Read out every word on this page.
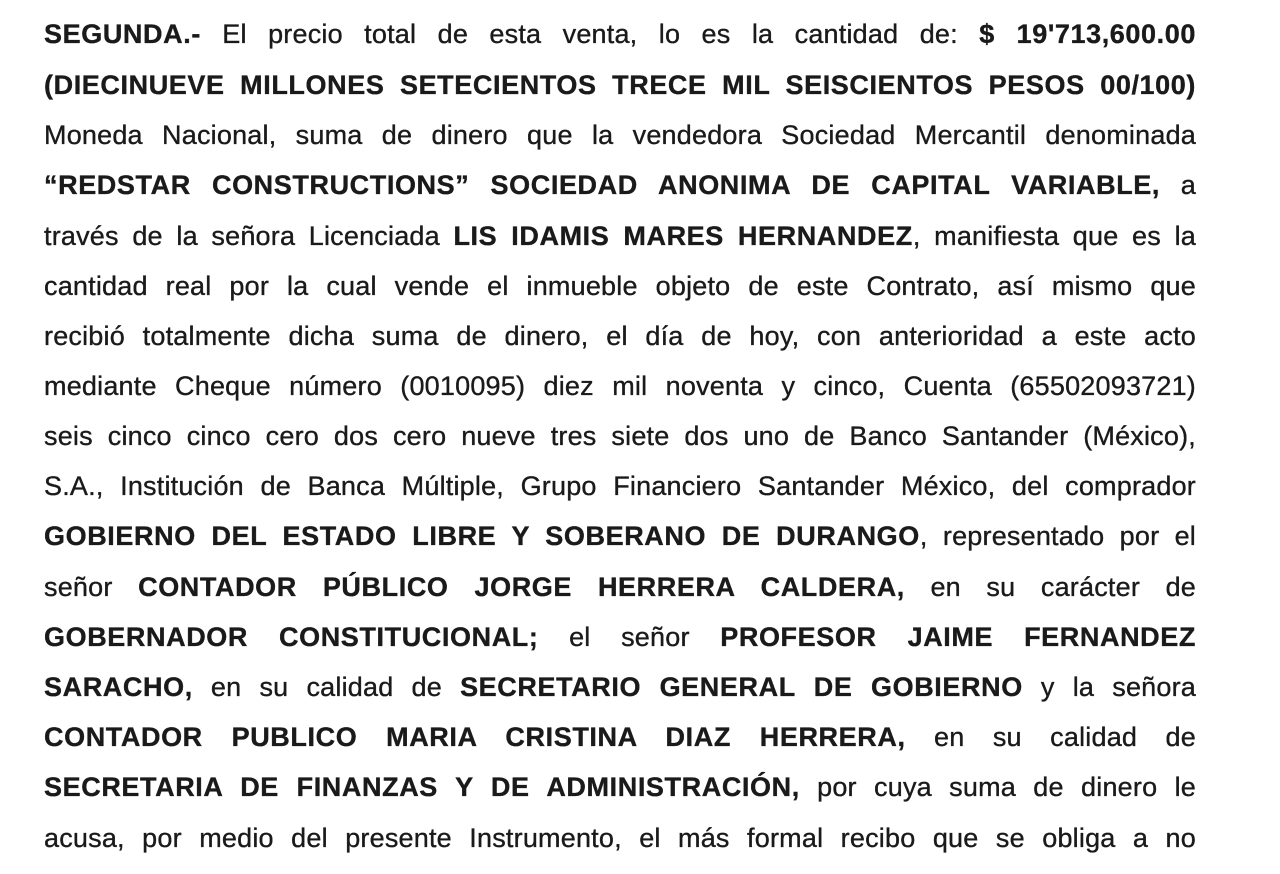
SEGUNDA.- El precio total de esta venta, lo es la cantidad de: $ 19'713,600.00
(DIECINUEVE MILLONES SETECIENTOS TRECE MIL SEISCIENTOS PESOS 00/100)
Moneda Nacional, suma de dinero que la vendedora Sociedad Mercantil denominada
“REDSTAR CONSTRUCTIONS” SOCIEDAD ANONIMA DE CAPITAL VARIABLE, a
través de la señora Licenciada LIS IDAMIS MARES HERNANDEZ, manifiesta que es la
cantidad real por la cual vende el inmueble objeto de este Contrato, así mismo que
recibió totalmente dicha suma de dinero, el día de hoy, con anterioridad a este acto
mediante Cheque número (0010095) diez mil noventa y cinco, Cuenta (65502093721)
seis cinco cinco cero dos cero nueve tres siete dos uno de Banco Santander (México),
S.A., Institución de Banca Múltiple, Grupo Financiero Santander México, del comprador
GOBIERNO DEL ESTADO LIBRE Y SOBERANO DE DURANGO, representado por el
señor CONTADOR PÚBLICO JORGE HERRERA CALDERA, en su carácter de
GOBERNADOR CONSTITUCIONAL; el señor PROFESOR JAIME FERNANDEZ
SARACHO, en su calidad de SECRETARIO GENERAL DE GOBIERNO y la señora
CONTADOR PUBLICO MARIA CRISTINA DIAZ HERRERA, en su calidad de
SECRETARIA DE FINANZAS Y DE ADMINISTRACIÓN, por cuya suma de dinero le
acusa, por medio del presente Instrumento, el más formal recibo que se obliga a no
